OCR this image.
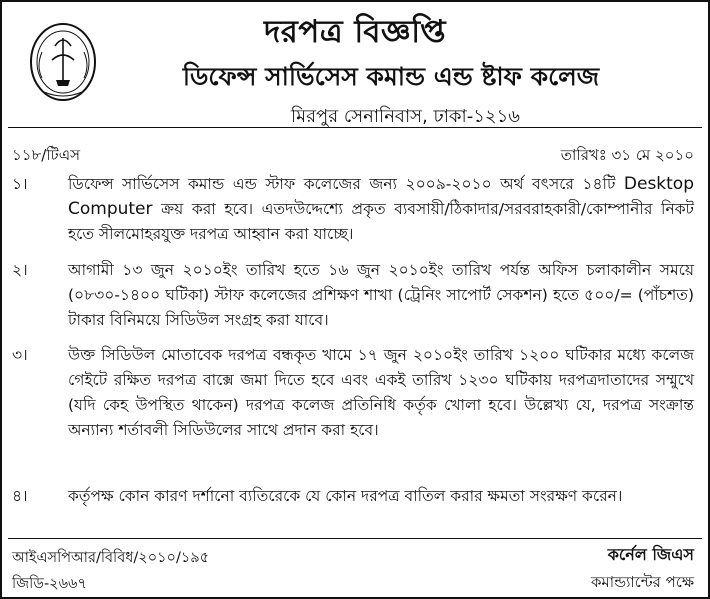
দরপত্র বিজ্ঞপ্তি
ডিফেন্স সার্ভিসেস কমান্ড এন্ড ষ্টাফ কলেজ
মিরপুর সেনানিবাস, ঢাকা-১২১৬
১১৮/টিএস	তারিখঃ ৩১ মে ২০১০
১।	ডিফেন্স সার্ভিসেস কমান্ড এন্ড স্টাফ কলেজের জন্য ২০০৯-২০১০ অর্থ বৎসরে ১৪টি Desktop Computer ক্রয় করা হবে। এতদউদ্দেশ্যে প্রকৃত ব্যবসায়ী/ঠিকাদার/সরবরাহকারী/কোম্পানীর নিকট হতে সীলমোহরযুক্ত দরপত্র আহ্বান করা যাচ্ছে।
২।	আগামী ১৩ জুন ২০১০ইং তারিখ হতে ১৬ জুন ২০১০ইং তারিখ পর্যন্ত অফিস চলাকালীন সময়ে (০৮৩০-১৪০০ ঘটিকা) স্টাফ কলেজের প্রশিক্ষণ শাখা (ট্রেনিং সাপোর্ট সেকশন) হতে ৫০০/= (পাঁচশত) টাকার বিনিময়ে সিডিউল সংগ্রহ করা যাবে।
৩।	উক্ত সিডিউল মোতাবেক দরপত্র বন্ধকৃত খামে ১৭ জুন ২০১০ইং তারিখ ১২০০ ঘটিকার মধ্যে কলেজ গেইটে রক্ষিত দরপত্র বাক্সে জমা দিতে হবে এবং একই তারিখ ১২৩০ ঘটিকায় দরপত্রদাতাদের সম্মুখে (যদি কেহ উপস্থিত থাকেন) দরপত্র কলেজ প্রতিনিধি কর্তৃক খোলা হবে। উল্লেখ্য যে, দরপত্র সংক্রান্ত অন্যান্য শর্তাবলী সিডিউলের সাথে প্রদান করা হবে।
৪।	কর্তৃপক্ষ কোন কারণ দর্শানো ব্যতিরেকে যে কোন দরপত্র বাতিল করার ক্ষমতা সংরক্ষণ করেন।
আইএসপিআর/বিবিধ/২০১০/১৯৫
জিডি-২৬৬৭
কর্নেল জিএস
কমান্ড্যান্টের পক্ষে
